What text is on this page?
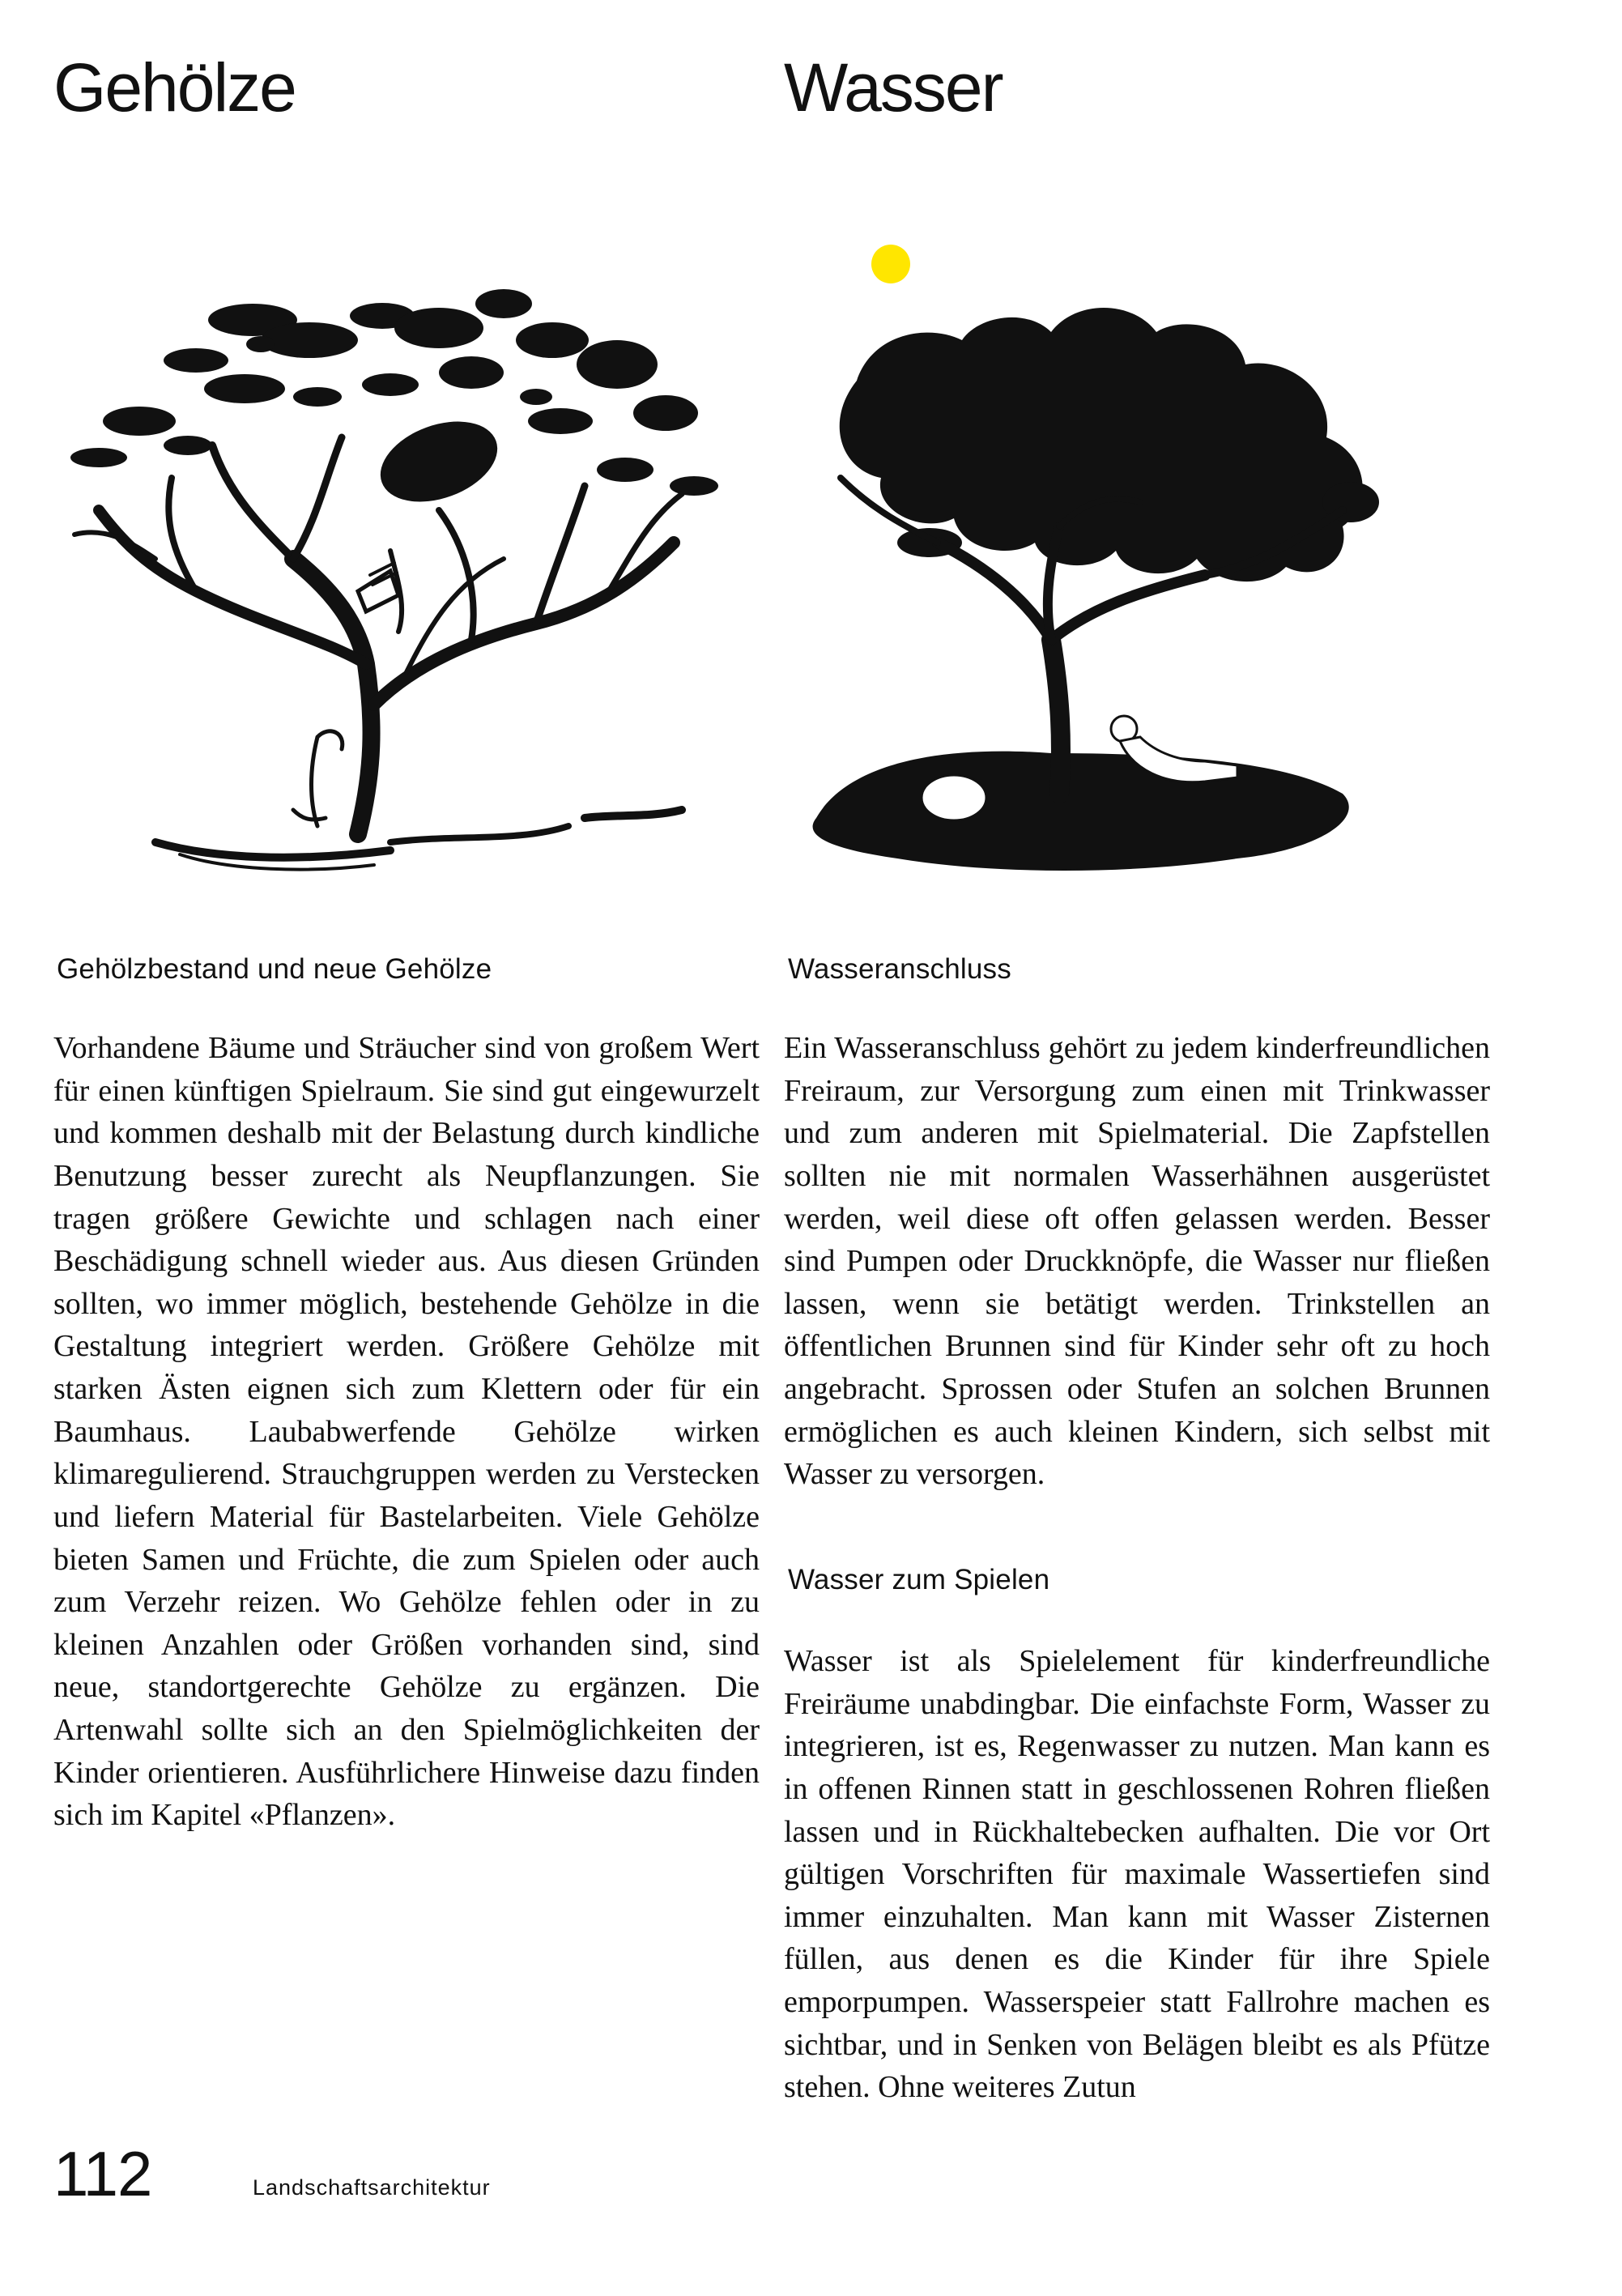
Gehölze
Gehölzbestand und neue Gehölze

Vorhandene Bäume und Sträucher sind von großem Wert für einen künftigen Spielraum. Sie sind gut eingewurzelt und kommen deshalb mit der Belastung durch kindliche Benutzung besser zurecht als Neupflanzungen. Sie tragen größere Gewichte und schlagen nach einer Beschädigung schnell wieder aus. Aus diesen Gründen sollten, wo immer möglich, bestehende Gehölze in die Gestaltung integriert werden. Größere Gehölze mit starken Ästen eignen sich zum Klettern oder für ein Baumhaus. Laubabwerfende Gehölze wirken klimaregulierend. Strauchgruppen werden zu Verstecken und liefern Material für Bastelarbeiten. Viele Gehölze bieten Samen und Früchte, die zum Spielen oder auch zum Verzehr reizen. Wo Gehölze fehlen oder in zu kleinen Anzahlen oder Größen vorhanden sind, sind neue, standortgerechte Gehölze zu ergänzen. Die Artenwahl sollte sich an den Spielmöglichkeiten der Kinder orientieren. Ausführlichere Hinweise dazu finden sich im Kapitel «Pflanzen».

Wasser
Wasseranschluss

Ein Wasseranschluss gehört zu jedem kinderfreundlichen Freiraum, zur Versorgung zum einen mit Trinkwasser und zum anderen mit Spielmaterial. Die Zapfstellen sollten nie mit normalen Wasserhähnen ausgerüstet werden, weil diese oft offen gelassen werden. Besser sind Pumpen oder Druckknöpfe, die Wasser nur fließen lassen, wenn sie betätigt werden. Trinkstellen an öffentlichen Brunnen sind für Kinder sehr oft zu hoch angebracht. Sprossen oder Stufen an solchen Brunnen ermöglichen es auch kleinen Kindern, sich selbst mit Wasser zu versorgen.

Wasser zum Spielen

Wasser ist als Spielelement für kinderfreundliche Freiräume unabdingbar. Die einfachste Form, Wasser zu integrieren, ist es, Regenwasser zu nutzen. Man kann es in offenen Rinnen statt in geschlossenen Rohren fließen lassen und in Rückhaltebecken aufhalten. Die vor Ort gültigen Vorschriften für maximale Wassertiefen sind immer einzuhalten. Man kann mit Wasser Zisternen füllen, aus denen es die Kinder für ihre Spiele emporpumpen. Wasserspeier statt Fallrohre machen es sichtbar, und in Senken von Belägen bleibt es als Pfütze stehen. Ohne weiteres Zutun

112	Landschaftsarchitektur
